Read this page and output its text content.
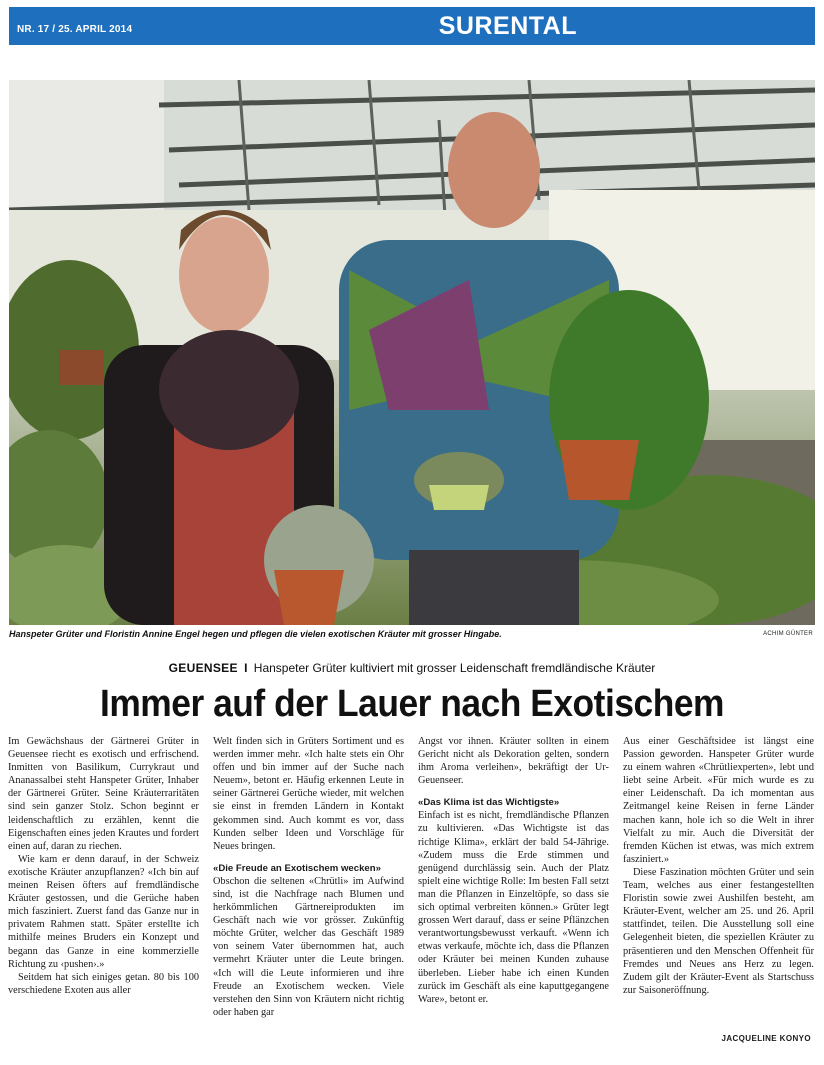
NR. 17 / 25. APRIL 2014	SURENTAL
Hanspeter Grüter und Floristin Annine Engel hegen und pflegen die vielen exotischen Kräuter mit grosser Hingabe.	ACHIM GÜNTER
GEUENSEE I Hanspeter Grüter kultiviert mit grosser Leidenschaft fremdländische Kräuter
Immer auf der Lauer nach Exotischem

Im Gewächshaus der Gärtnerei Grüter in Geuensee riecht es exotisch und erfrischend. Inmitten von Basilikum, Currykraut und Ananassalbei steht Hanspeter Grüter, Inhaber der Gärtnerei Grüter. Seine Kräuterraritäten sind sein ganzer Stolz. Schon beginnt er leidenschaftlich zu erzählen, kennt die Eigenschaften eines jeden Krautes und fordert einen auf, daran zu riechen.

Wie kam er denn darauf, in der Schweiz exotische Kräuter anzupflanzen? «Ich bin auf meinen Reisen öfters auf fremdländische Kräuter gestossen, und die Gerüche haben mich fasziniert. Zuerst fand das Ganze nur in privatem Rahmen statt. Später erstellte ich mithilfe meines Bruders ein Konzept und begann das Ganze in eine kommerzielle Richtung zu ‹pushen›.»

Seitdem hat sich einiges getan. 80 bis 100 verschiedene Exoten aus aller

Welt finden sich in Grüters Sortiment und es werden immer mehr. «Ich halte stets ein Ohr offen und bin immer auf der Suche nach Neuem», betont er. Häufig erkennen Leute in seiner Gärtnerei Gerüche wieder, mit welchen sie einst in fremden Ländern in Kontakt gekommen sind. Auch kommt es vor, dass Kunden selber Ideen und Vorschläge für Neues bringen.

«Die Freude an Exotischem wecken»

Obschon die seltenen «Chrütli» im Aufwind sind, ist die Nachfrage nach Blumen und herkömmlichen Gärtnereiprodukten im Geschäft nach wie vor grösser. Zukünftig möchte Grüter, welcher das Geschäft 1989 von seinem Vater übernommen hat, auch vermehrt Kräuter unter die Leute bringen. «Ich will die Leute informieren und ihre Freude an Exotischem wecken. Viele verstehen den Sinn von Kräutern nicht richtig oder haben gar

Angst vor ihnen. Kräuter sollten in einem Gericht nicht als Dekoration gelten, sondern ihm Aroma verleihen», bekräftigt der Ur-Geuenseer.

«Das Klima ist das Wichtigste»

Einfach ist es nicht, fremdländische Pflanzen zu kultivieren. «Das Wichtigste ist das richtige Klima», erklärt der bald 54-Jährige. «Zudem muss die Erde stimmen und genügend durchlässig sein. Auch der Platz spielt eine wichtige Rolle: Im besten Fall setzt man die Pflanzen in Einzeltöpfe, so dass sie sich optimal verbreiten können.» Grüter legt grossen Wert darauf, dass er seine Pflänzchen verantwortungsbewusst verkauft. «Wenn ich etwas verkaufe, möchte ich, dass die Pflanzen oder Kräuter bei meinen Kunden zuhause überleben. Lieber habe ich einen Kunden zurück im Geschäft als eine kaputtgegangene Ware», betont er.

Aus einer Geschäftsidee ist längst eine Passion geworden. Hanspeter Grüter wurde zu einem wahren «Chrütliexperten», lebt und liebt seine Arbeit. «Für mich wurde es zu einer Leidenschaft. Da ich momentan aus Zeitmangel keine Reisen in ferne Länder machen kann, hole ich so die Welt in ihrer Vielfalt zu mir. Auch die Diversität der fremden Küchen ist etwas, was mich extrem fasziniert.»

Diese Faszination möchten Grüter und sein Team, welches aus einer festangestellten Floristin sowie zwei Aushilfen besteht, am Kräuter-Event, welcher am 25. und 26. April stattfindet, teilen. Die Ausstellung soll eine Gelegenheit bieten, die speziellen Kräuter zu präsentieren und den Menschen Offenheit für Fremdes und Neues ans Herz zu legen. Zudem gilt der Kräuter-Event als Startschuss zur Saisoneröffnung.

JACQUELINE KONYO
